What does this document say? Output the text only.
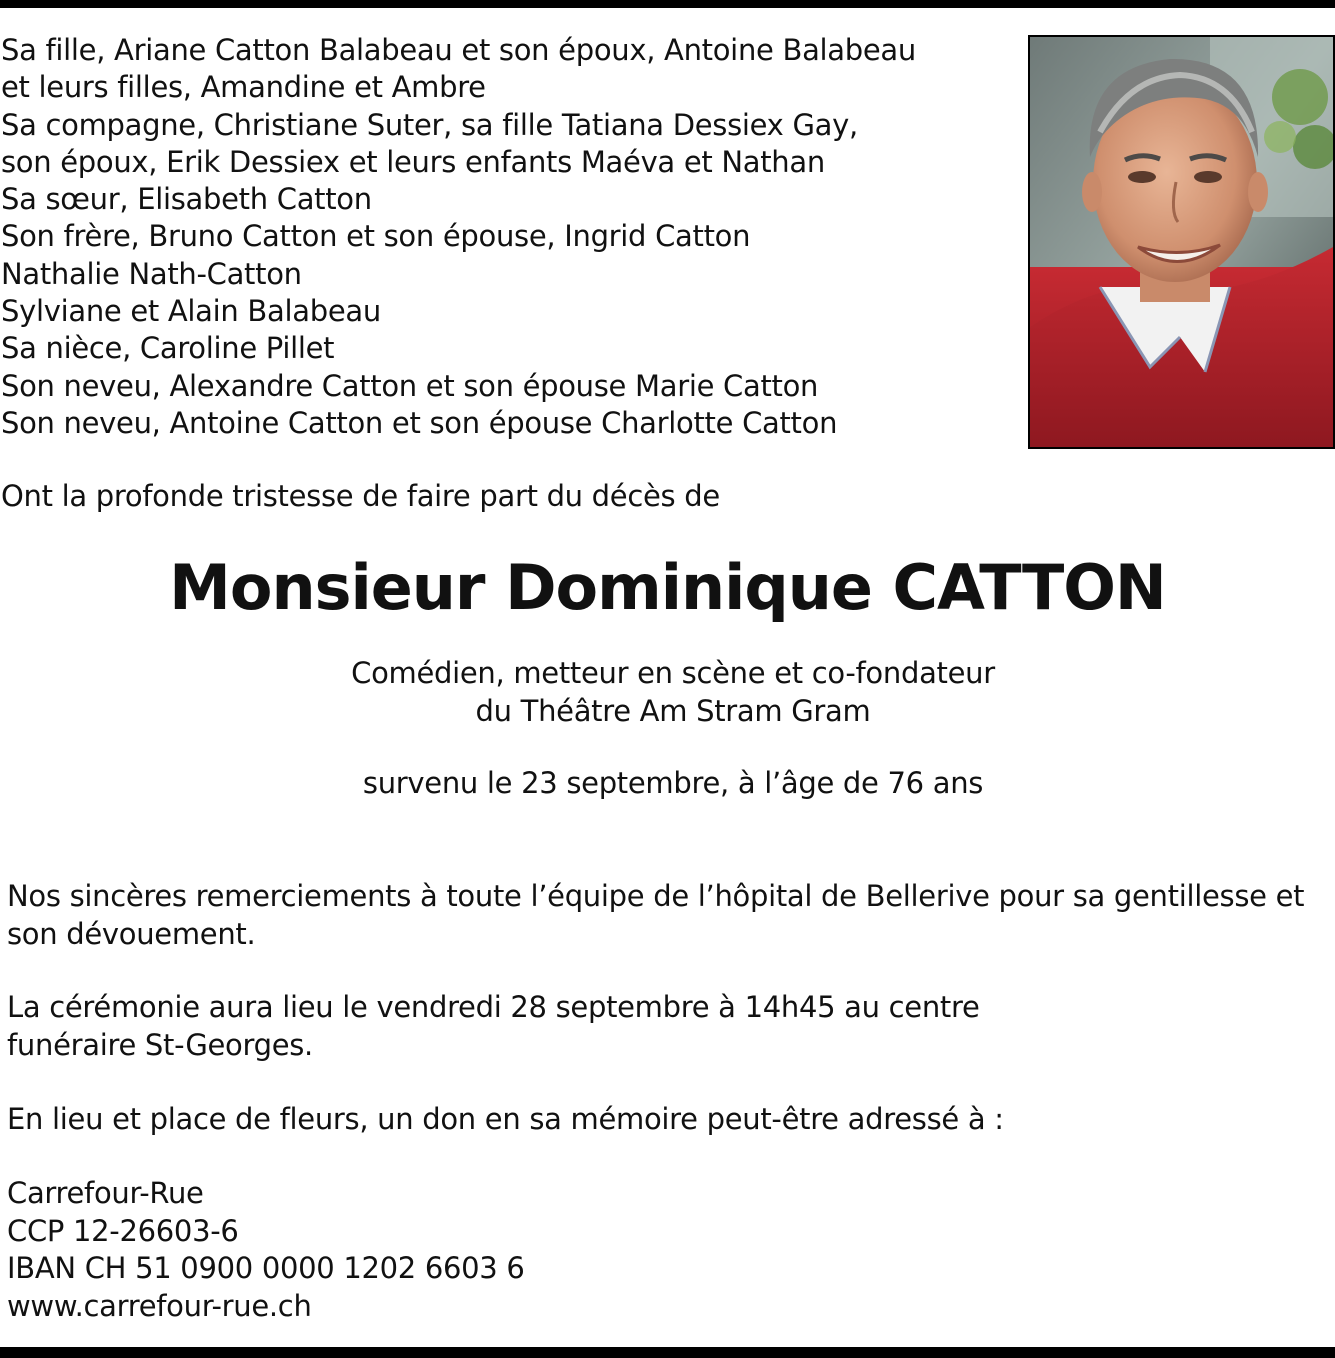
Sa fille, Ariane Catton Balabeau et son époux, Antoine Balabeau
et leurs filles, Amandine et Ambre
Sa compagne, Christiane Suter, sa fille Tatiana Dessiex Gay,
son époux, Erik Dessiex et leurs enfants Maéva et Nathan
Sa sœur, Elisabeth Catton
Son frère, Bruno Catton et son épouse, Ingrid Catton
Nathalie Nath-Catton
Sylviane et Alain Balabeau
Sa nièce, Caroline Pillet
Son neveu, Alexandre Catton et son épouse Marie Catton
Son neveu, Antoine Catton et son épouse Charlotte Catton
Ont la profonde tristesse de faire part du décès de
Monsieur Dominique CATTON
Comédien, metteur en scène et co-fondateur
du Théâtre Am Stram Gram
survenu le 23 septembre, à l’âge de 76 ans
Nos sincères remerciements à toute l’équipe de l’hôpital de Bellerive pour sa gentillesse et
son dévouement.
La cérémonie aura lieu le vendredi 28 septembre à 14h45 au centre
funéraire St-Georges.
En lieu et place de fleurs, un don en sa mémoire peut-être adressé à :
Carrefour-Rue
CCP 12-26603-6
IBAN CH 51 0900 0000 1202 6603 6
www.carrefour-rue.ch
